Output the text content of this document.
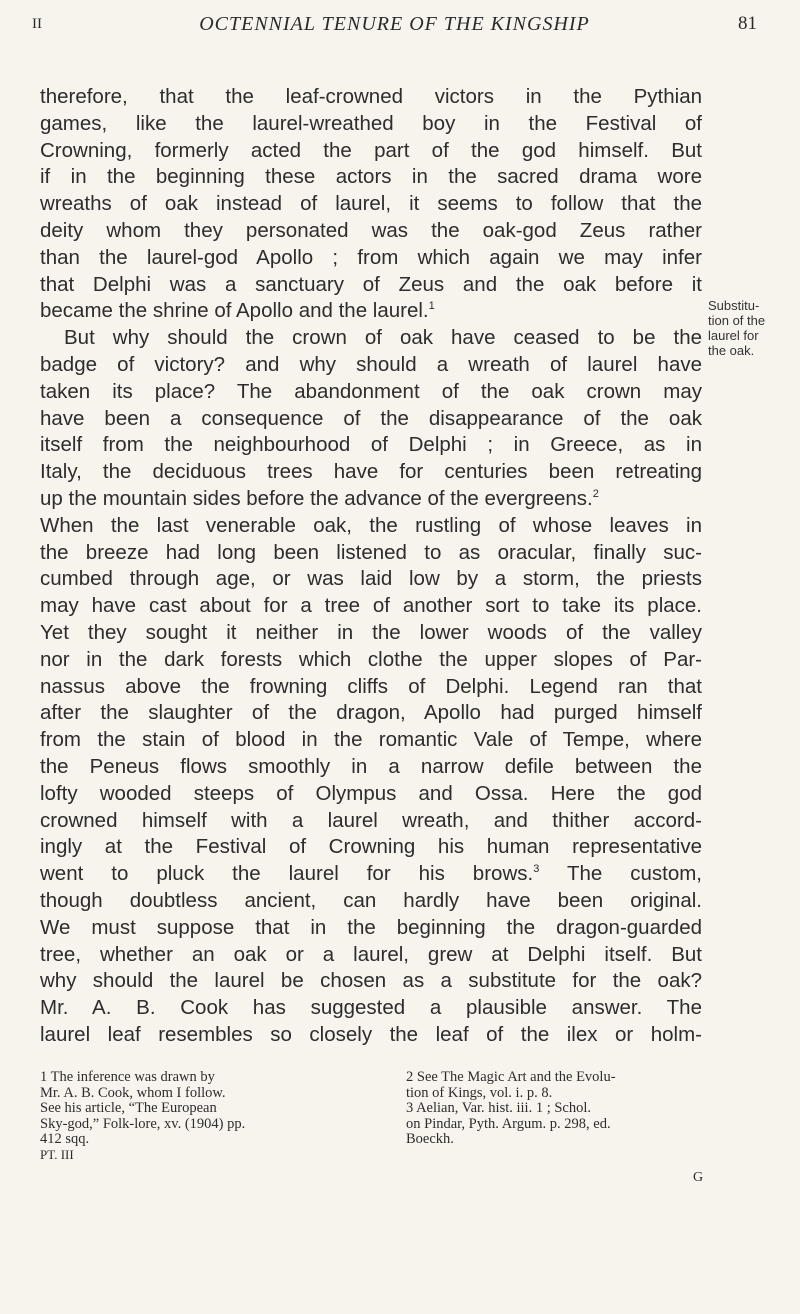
II	OCTENNIAL TENURE OF THE KINGSHIP	81
therefore, that the leaf-crowned victors in the Pythian
games, like the laurel-wreathed boy in the Festival of
Crowning, formerly acted the part of the god himself. But
if in the beginning these actors in the sacred drama wore
wreaths of oak instead of laurel, it seems to follow that the
deity whom they personated was the oak-god Zeus rather
than the laurel-god Apollo ; from which again we may infer
that Delphi was a sanctuary of Zeus and the oak before it
became the shrine of Apollo and the laurel.$^1$
But why should the crown of oak have ceased to be the
badge of victory? and why should a wreath of laurel have
taken its place? The abandonment of the oak crown may
have been a consequence of the disappearance of the oak
itself from the neighbourhood of Delphi ; in Greece, as in
Italy, the deciduous trees have for centuries been retreating
up the mountain sides before the advance of the evergreens.$^2$
When the last venerable oak, the rustling of whose leaves in
the breeze had long been listened to as oracular, finally suc-
cumbed through age, or was laid low by a storm, the priests
may have cast about for a tree of another sort to take its place.
Yet they sought it neither in the lower woods of the valley
nor in the dark forests which clothe the upper slopes of Par-
nassus above the frowning cliffs of Delphi. Legend ran that
after the slaughter of the dragon, Apollo had purged himself
from the stain of blood in the romantic Vale of Tempe, where
the Peneus flows smoothly in a narrow defile between the
lofty wooded steeps of Olympus and Ossa. Here the god
crowned himself with a laurel wreath, and thither accord-
ingly at the Festival of Crowning his human representative
went to pluck the laurel for his brows.$^3$ The custom,
though doubtless ancient, can hardly have been original.
We must suppose that in the beginning the dragon-guarded
tree, whether an oak or a laurel, grew at Delphi itself. But
why should the laurel be chosen as a substitute for the oak?
Mr. A. B. Cook has suggested a plausible answer. The
laurel leaf resembles so closely the leaf of the ilex or holm-
Substitu-
tion of the
laurel for
the oak.
1 The inference was drawn by
Mr. A. B. Cook, whom I follow.
See his article, “The European
Sky-god,” Folk-lore, xv. (1904) pp.
412 sqq.
2 See The Magic Art and the Evolu-
tion of Kings, vol. i. p. 8.
3 Aelian, Var. hist. iii. 1 ; Schol.
on Pindar, Pyth. Argum. p. 298, ed.
Boeckh.
PT. III
G
